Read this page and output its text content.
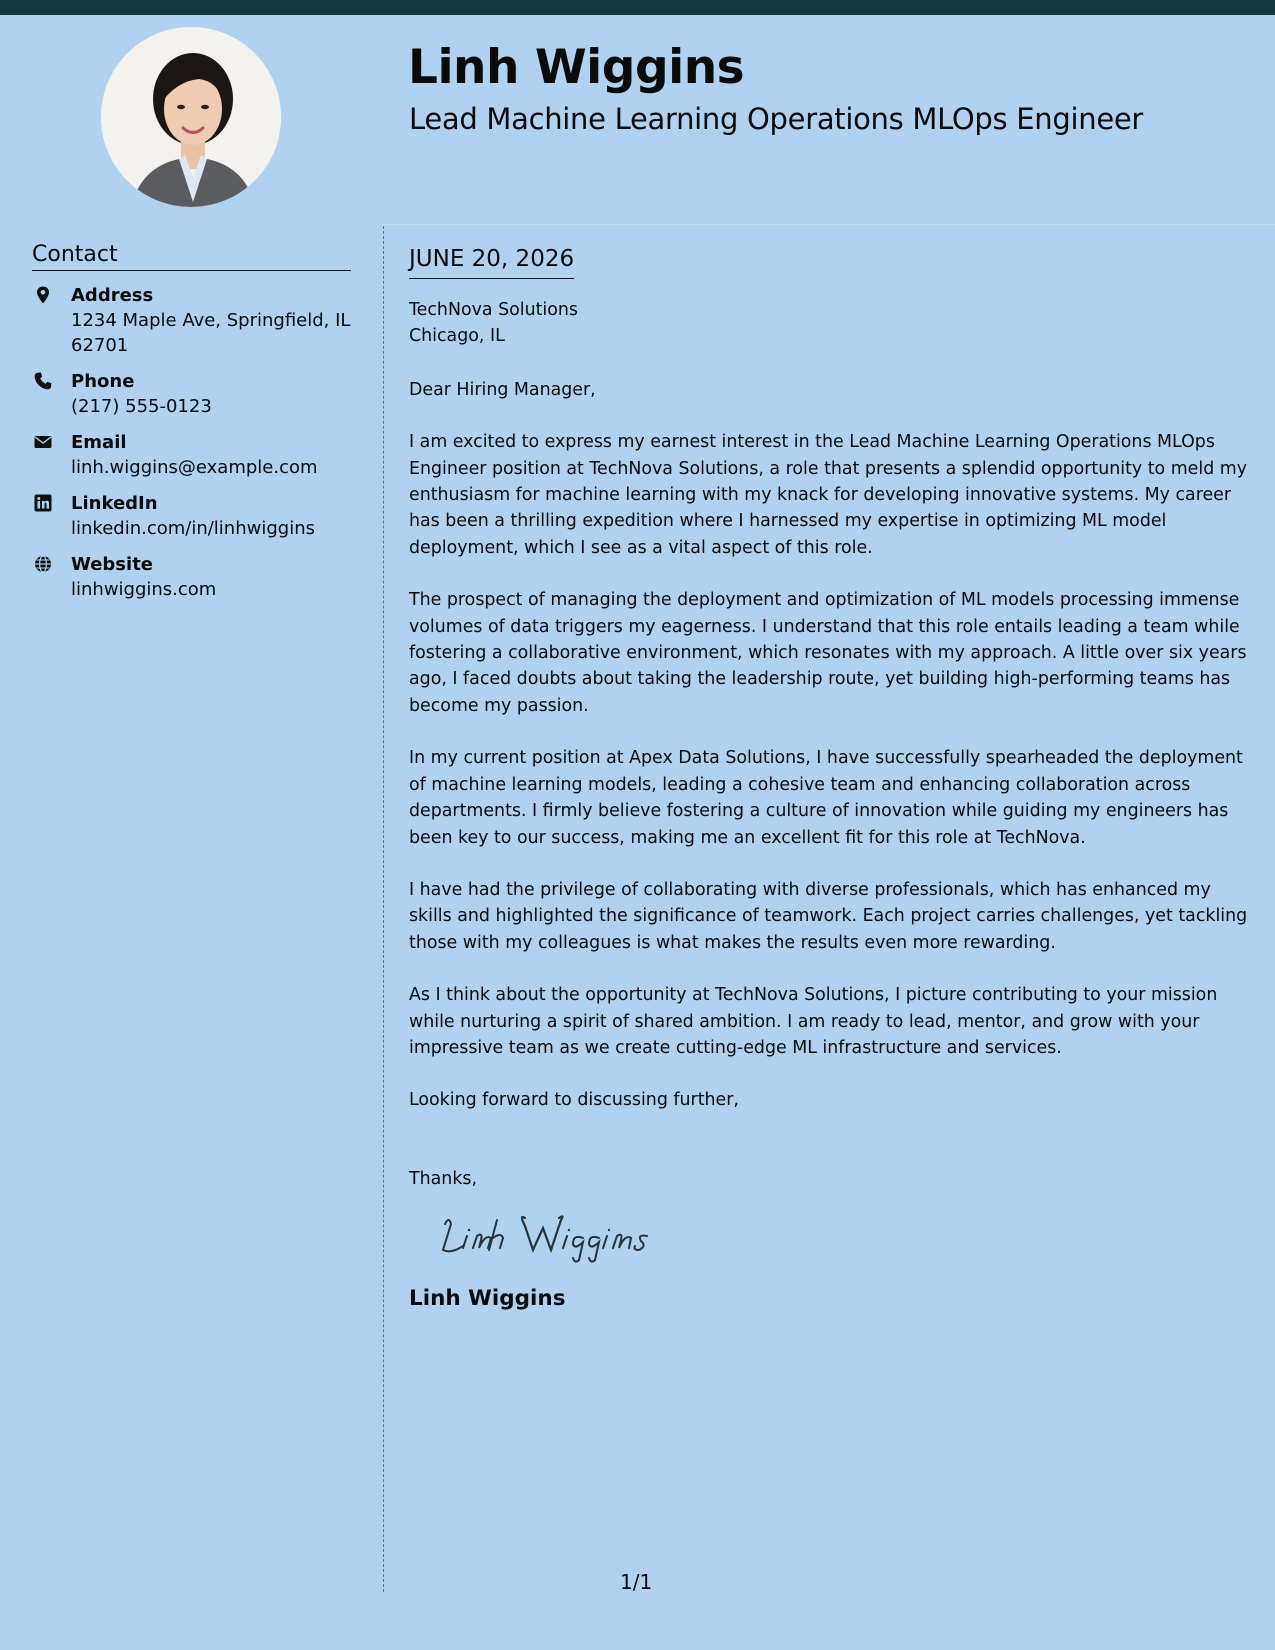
Linh Wiggins
Lead Machine Learning Operations MLOps Engineer
Contact
Address
1234 Maple Ave, Springfield, IL 62701
Phone
(217) 555-0123
Email
linh.wiggins@example.com
LinkedIn
linkedin.com/in/linhwiggins
Website
linhwiggins.com
JUNE 20, 2026
TechNova Solutions
Chicago, IL

Dear Hiring Manager,

I am excited to express my earnest interest in the Lead Machine Learning Operations MLOps Engineer position at TechNova Solutions, a role that presents a splendid opportunity to meld my enthusiasm for machine learning with my knack for developing innovative systems. My career has been a thrilling expedition where I harnessed my expertise in optimizing ML model deployment, which I see as a vital aspect of this role.

The prospect of managing the deployment and optimization of ML models processing immense volumes of data triggers my eagerness. I understand that this role entails leading a team while fostering a collaborative environment, which resonates with my approach. A little over six years ago, I faced doubts about taking the leadership route, yet building high-performing teams has become my passion.

In my current position at Apex Data Solutions, I have successfully spearheaded the deployment of machine learning models, leading a cohesive team and enhancing collaboration across departments. I firmly believe fostering a culture of innovation while guiding my engineers has been key to our success, making me an excellent fit for this role at TechNova.

I have had the privilege of collaborating with diverse professionals, which has enhanced my skills and highlighted the significance of teamwork. Each project carries challenges, yet tackling those with my colleagues is what makes the results even more rewarding.

As I think about the opportunity at TechNova Solutions, I picture contributing to your mission while nurturing a spirit of shared ambition. I am ready to lead, mentor, and grow with your impressive team as we create cutting-edge ML infrastructure and services.

Looking forward to discussing further,

Thanks,

Linh Wiggins
1/1
